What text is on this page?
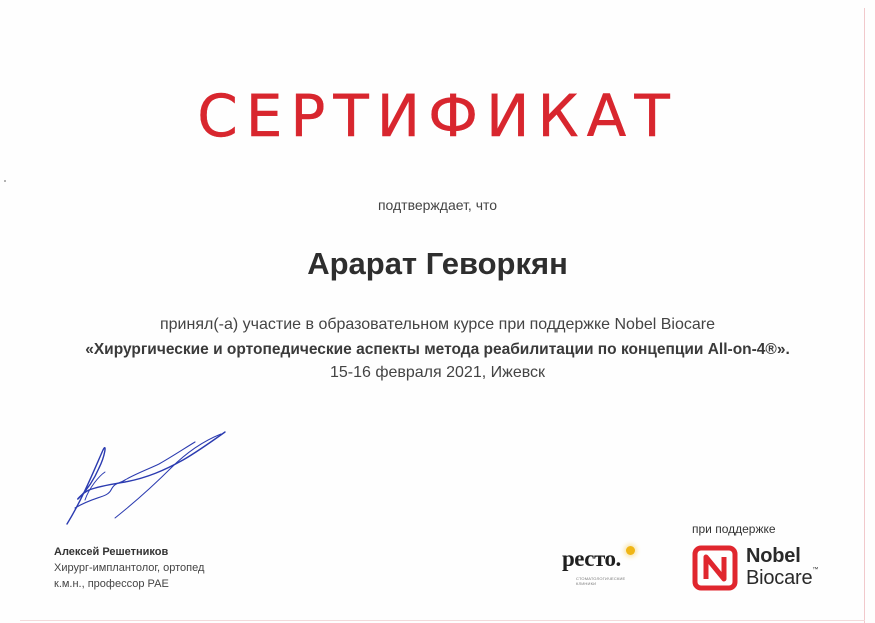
СЕРТИФИКАТ
подтверждает, что
Арарат Геворкян
принял(-а) участие в образовательном курсе при поддержке Nobel Biocare
«Хирургические и ортопедические аспекты метода реабилитации по концепции All-on-4®».
15-16 февраля 2021, Ижевск
Алексей Решетников
Хирург-имплантолог, ортопед
к.м.н., профессор РАЕ
ресто.
СТОМАТОЛОГИЧЕСКИЕ КЛИНИКИ
при поддержке
Nobel
Biocare™
